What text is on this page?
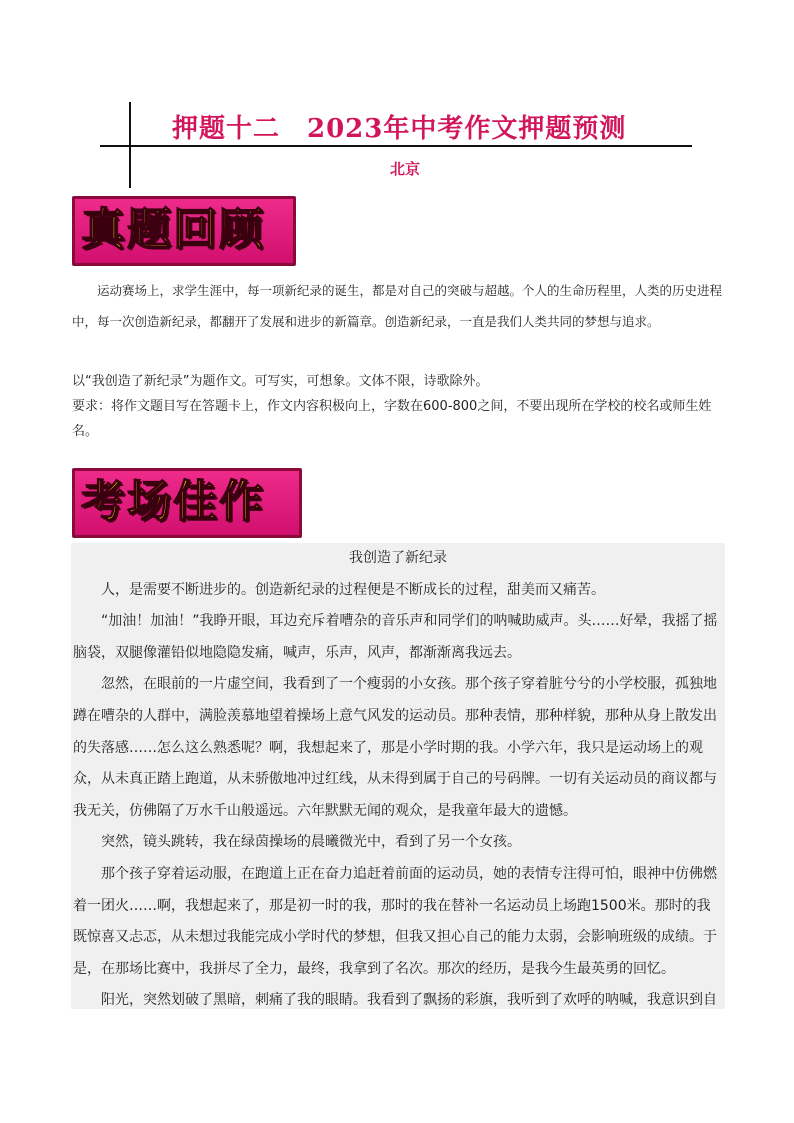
押题十二　2023年中考作文押题预测
北京
真题回顾

运动赛场上，求学生涯中，每一项新纪录的诞生，都是对自己的突破与超越。个人的生命历程里，人类的历史进程中，每一次创造新纪录，都翻开了发展和进步的新篇章。创造新纪录，一直是我们人类共同的梦想与追求。

以“我创造了新纪录”为题作文。可写实，可想象。文体不限，诗歌除外。

要求：将作文题目写在答题卡上，作文内容积极向上，字数在600-800之间，不要出现所在学校的校名或师生姓名。

考场佳作

我创造了新纪录

人，是需要不断进步的。创造新纪录的过程便是不断成长的过程，甜美而又痛苦。

“加油！加油！”我睁开眼，耳边充斥着嘈杂的音乐声和同学们的呐喊助威声。头……好晕，我摇了摇脑袋，双腿像灌铅似地隐隐发痛，喊声，乐声，风声，都渐渐离我远去。

忽然，在眼前的一片虚空间，我看到了一个瘦弱的小女孩。那个孩子穿着脏兮兮的小学校服，孤独地蹲在嘈杂的人群中，满脸羡慕地望着操场上意气风发的运动员。那种表情，那种样貌，那种从身上散发出的失落感……怎么这么熟悉呢？啊，我想起来了，那是小学时期的我。小学六年，我只是运动场上的观众，从未真正踏上跑道，从未骄傲地冲过红线，从未得到属于自己的号码牌。一切有关运动员的商议都与我无关，仿佛隔了万水千山般遥远。六年默默无闻的观众，是我童年最大的遗憾。

突然，镜头跳转，我在绿茵操场的晨曦微光中，看到了另一个女孩。

那个孩子穿着运动服，在跑道上正在奋力追赶着前面的运动员，她的表情专注得可怕，眼神中仿佛燃着一团火……啊，我想起来了，那是初一时的我，那时的我在替补一名运动员上场跑1500米。那时的我既惊喜又忐忑，从未想过我能完成小学时代的梦想，但我又担心自己的能力太弱，会影响班级的成绩。于是，在那场比赛中，我拼尽了全力，最终，我拿到了名次。那次的经历，是我今生最英勇的回忆。

阳光，突然划破了黑暗，刺痛了我的眼睛。我看到了飘扬的彩旗，我听到了欢呼的呐喊，我意识到自
